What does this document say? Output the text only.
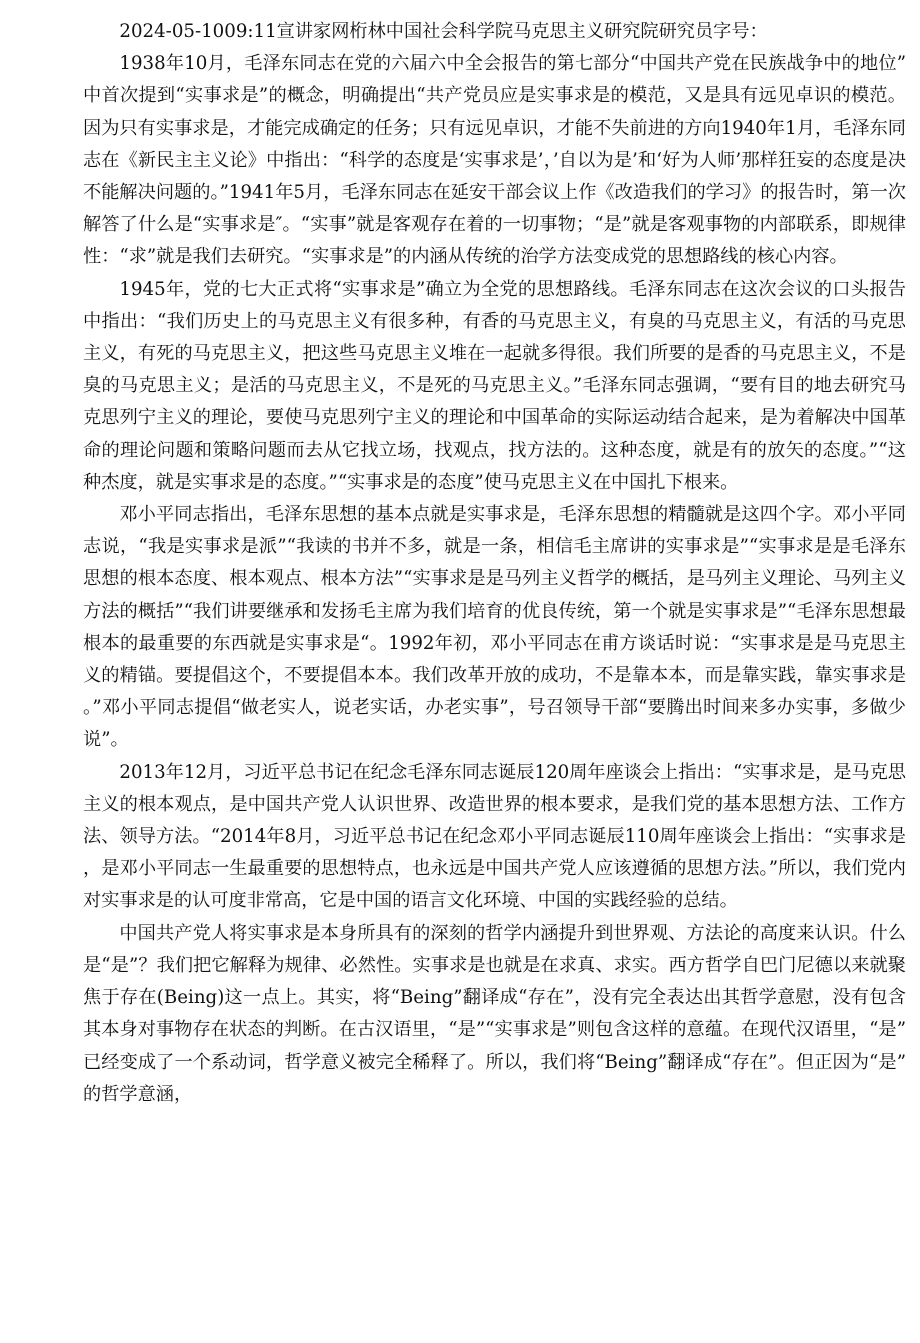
2024-05-1009:11宣讲家网桁林中国社会科学院马克思主义研究院研究员字号：

1938年10月，毛泽东同志在党的六届六中全会报告的第七部分“中国共产党在民族战争中的地位”中首次提到“实事求是”的概念，明确提出“共产党员应是实事求是的模范，又是具有远见卓识的模范。因为只有实事求是，才能完成确定的任务；只有远见卓识，才能不失前进的方向1940年1月，毛泽东同志在《新民主主义论》中指出：“科学的态度是‘实事求是’，’自以为是’和‘好为人师’那样狂妄的态度是决不能解决问题的。”1941年5月，毛泽东同志在延安干部会议上作《改造我们的学习》的报告时，第一次解答了什么是“实事求是″。“实事”就是客观存在着的一切事物；“是”就是客观事物的内部联系，即规律性：“求”就是我们去研究。“实事求是”的内涵从传统的治学方法变成党的思想路线的核心内容。

1945年，党的七大正式将“实事求是”确立为全党的思想路线。毛泽东同志在这次会议的口头报告中指出：“我们历史上的马克思主义有很多种，有香的马克思主义，有臭的马克思主义，有活的马克思主义，有死的马克思主义，把这些马克思主义堆在一起就多得很。我们所要的是香的马克思主义，不是臭的马克思主义；是活的马克思主义，不是死的马克思主义。”毛泽东同志强调，“要有目的地去研究马克思列宁主义的理论，要使马克思列宁主义的理论和中国革命的实际运动结合起来，是为着解决中国革命的理论问题和策略问题而去从它找立场，找观点，找方法的。这种态度，就是有的放矢的态度。”“这种杰度，就是实事求是的态度。”“实事求是的态度”使马克思主义在中国扎下根来。

邓小平同志指出，毛泽东思想的基本点就是实事求是，毛泽东思想的精髓就是这四个字。邓小平同志说，“我是实事求是派”“我读的书并不多，就是一条，相信毛主席讲的实事求是”“实事求是是毛泽东思想的根本态度、根本观点、根本方法”“实事求是是马列主义哲学的概括，是马列主义理论、马列主义方法的概括”“我们讲要继承和发扬毛主席为我们培育的优良传统，第一个就是实事求是”“毛泽东思想最根本的最重要的东西就是实事求是“。1992年初，邓小平同志在甫方谈话时说：“实事求是是马克思主义的精锚。要提倡这个，不要提倡本本。我们改革开放的成功，不是靠本本，而是靠实践，靠实事求是。”邓小平同志提倡“做老实人，说老实话，办老实事”，号召领导干部“要腾出时间来多办实事，多做少说”。

2013年12月，习近平总书记在纪念毛泽东同志诞辰120周年座谈会上指出：“实事求是，是马克思主义的根本观点，是中国共产党人认识世界、改造世界的根本要求，是我们党的基本思想方法、工作方法、领导方法。“2014年8月，习近平总书记在纪念邓小平同志诞辰110周年座谈会上指出：“实事求是，是邓小平同志一生最重要的思想特点，也永远是中国共产党人应该遵循的思想方法。”所以，我们党内对实事求是的认可度非常高，它是中国的语言文化环境、中国的实践经验的总结。

中国共产党人将实事求是本身所具有的深刻的哲学内涵提升到世界观、方法论的高度来认识。什么是“是”？我们把它解释为规律、必然性。实事求是也就是在求真、求实。西方哲学自巴门尼德以来就聚焦于存在(Being)这一点上。其实，将“Being”翻译成“存在”，没有完全表达出其哲学意慰，没有包含其本身对事物存在状态的判断。在古汉语里，“是”“实事求是”则包含这样的意蕴。在现代汉语里，“是”已经变成了一个系动词，哲学意义被完全稀释了。所以，我们将“Being”翻译成“存在”。但正因为“是”的哲学意涵，
